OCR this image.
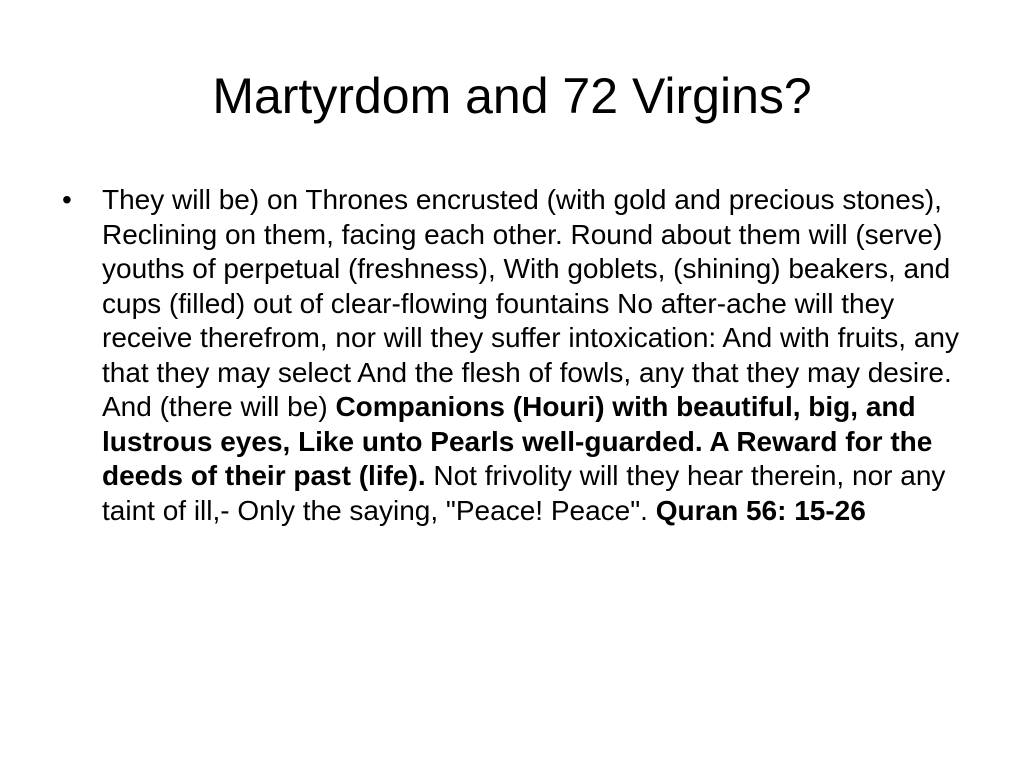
Martyrdom and 72 Virgins?
•	They will be) on Thrones encrusted (with gold and precious stones), Reclining on them, facing each other. Round about them will (serve) youths of perpetual (freshness), With goblets, (shining) beakers, and cups (filled) out of clear-flowing fountains No after-ache will they receive therefrom, nor will they suffer intoxication: And with fruits, any that they may select And the flesh of fowls, any that they may desire. And (there will be) Companions (Houri) with beautiful, big, and lustrous eyes, Like unto Pearls well-guarded. A Reward for the deeds of their past (life). Not frivolity will they hear therein, nor any taint of ill,- Only the saying, "Peace! Peace". Quran 56: 15-26
